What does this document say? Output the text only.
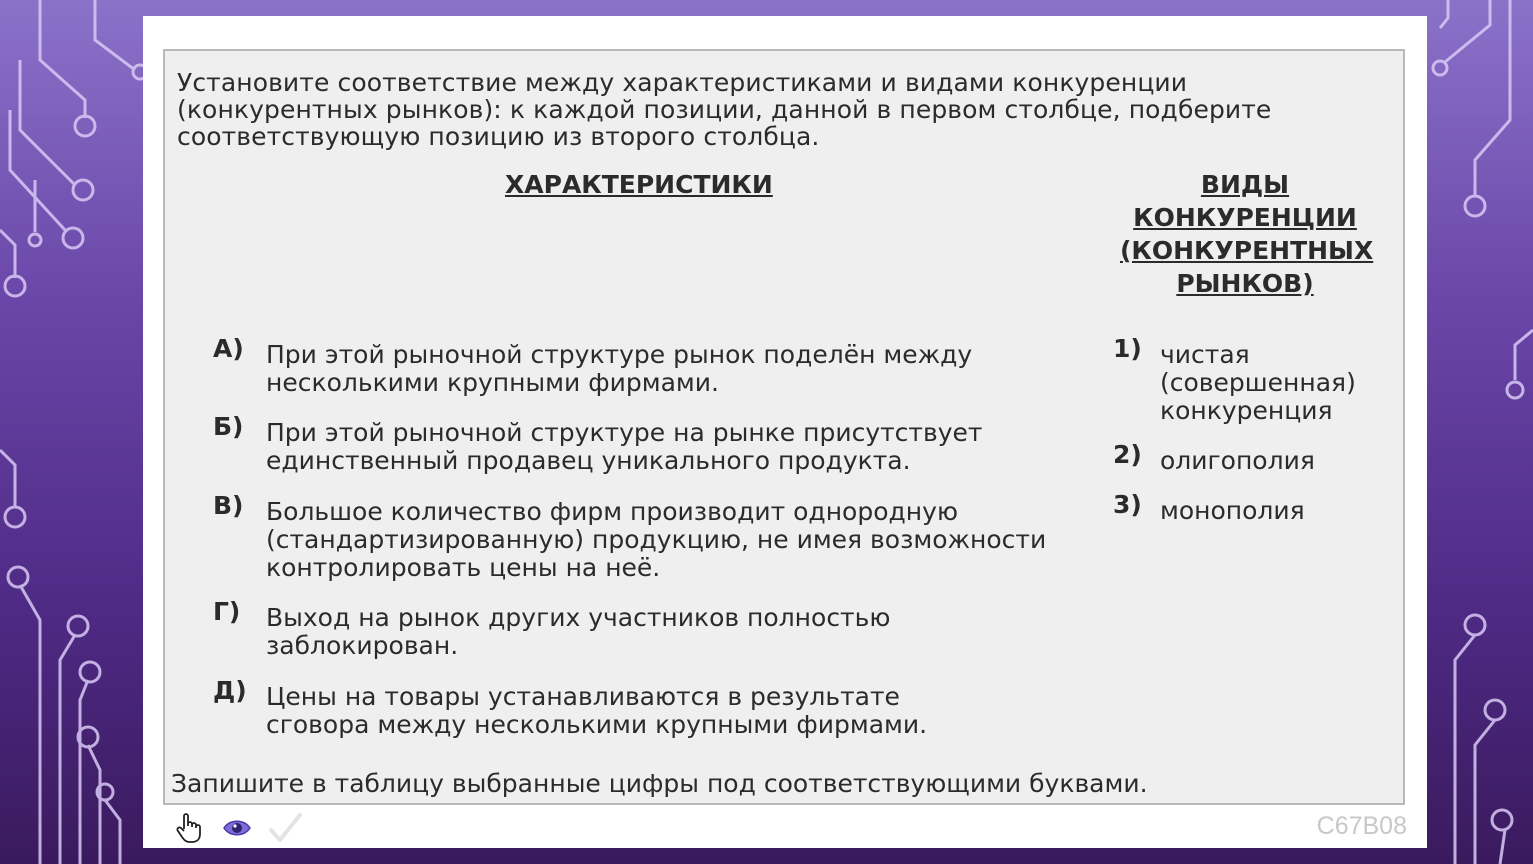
Установите соответствие между характеристиками и видами конкуренции (конкурентных рынков): к каждой позиции, данной в первом столбце, подберите соответствующую позицию из второго столбца.

ХАРАКТЕРИСТИКИ	ВИДЫ КОНКУРЕНЦИИ (КОНКУРЕНТНЫХ РЫНКОВ)
А) При этой рыночной структуре рынок поделён между несколькими крупными фирмами.
Б) При этой рыночной структуре на рынке присутствует единственный продавец уникального продукта.
В) Большое количество фирм производит однородную (стандартизированную) продукцию, не имея возможности контролировать цены на неё.
Г) Выход на рынок других участников полностью заблокирован.
Д) Цены на товары устанавливаются в результате сговора между несколькими крупными фирмами.
1) чистая (совершенная) конкуренция
2) олигополия
3) монополия

Запишите в таблицу выбранные цифры под соответствующими буквами.

C67B08
